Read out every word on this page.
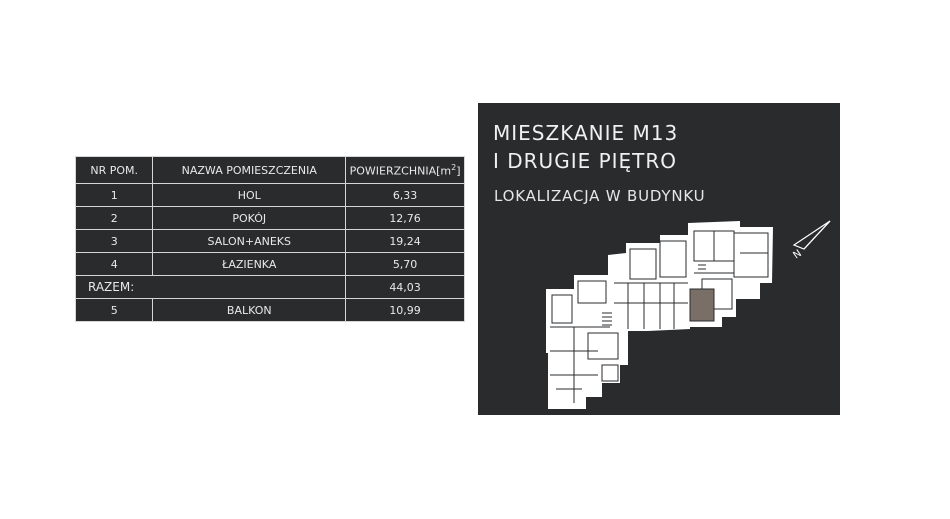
NR POM.	NAZWA POMIESZCZENIA	$POWIERZCHNIA[m^2]$
1	HOL	6,33
2	POKÓJ	12,76
3	SALON+ANEKS	19,24
4	ŁAZIENKA	5,70
RAZEM:		44,03
5	BALKON	10,99
MIESZKANIE M13
I DRUGIE PIĘTRO
LOKALIZACJA W BUDYNKU
N
